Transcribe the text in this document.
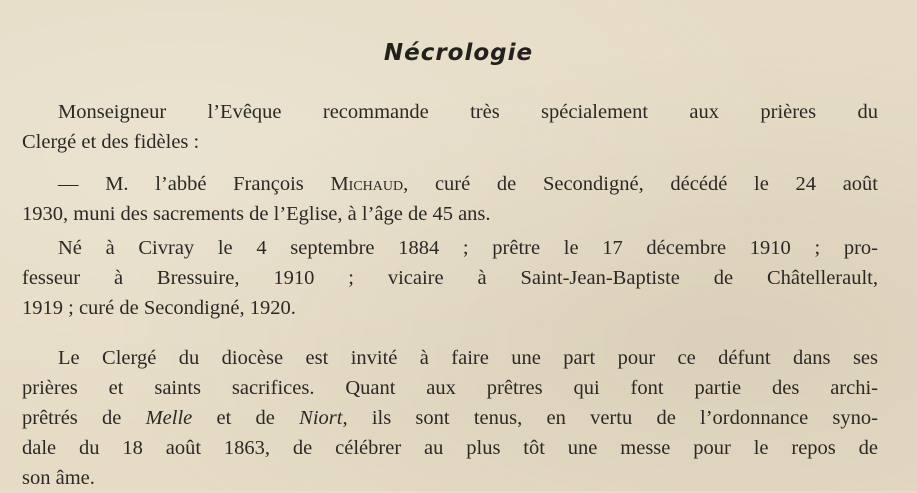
Nécrologie
Monseigneur l’Evêque recommande très spécialement aux prières du
Clergé et des fidèles :
— M. l’abbé François Michaud, curé de Secondigné, décédé le 24 août
1930, muni des sacrements de l’Eglise, à l’âge de 45 ans.
Né à Civray le 4 septembre 1884 ; prêtre le 17 décembre 1910 ; pro-
fesseur à Bressuire, 1910 ; vicaire à Saint-Jean-Baptiste de Châtellerault,
1919 ; curé de Secondigné, 1920.
Le Clergé du diocèse est invité à faire une part pour ce défunt dans ses
prières et saints sacrifices. Quant aux prêtres qui font partie des archi-
prêtrés de Melle et de Niort, ils sont tenus, en vertu de l’ordonnance syno-
dale du 18 août 1863, de célébrer au plus tôt une messe pour le repos de
son âme.
